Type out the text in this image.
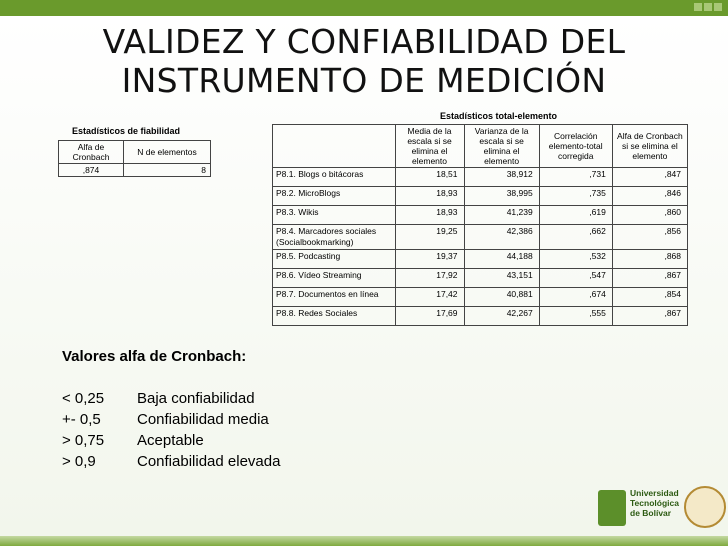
VALIDEZ Y CONFIABILIDAD DEL
INSTRUMENTO DE MEDICIÓN
Estadísticos de fiabilidad
Alfa de Cronbach	N de elementos
,874	8
Estadísticos total-elemento
	Media de la escala si se elimina el elemento	Varianza de la escala si se elimina el elemento	Correlación elemento-total corregida	Alfa de Cronbach si se elimina el elemento
P8.1. Blogs o bitácoras	18,51	38,912	,731	,847
P8.2. MicroBlogs	18,93	38,995	,735	,846
P8.3. Wikis	18,93	41,239	,619	,860
P8.4. Marcadores sociales (Socialbookmarking)	19,25	42,386	,662	,856
P8.5. Podcasting	19,37	44,188	,532	,868
P8.6. Vídeo Streaming	17,92	43,151	,547	,867
P8.7. Documentos en línea	17,42	40,881	,674	,854
P8.8. Redes Sociales	17,69	42,267	,555	,867
Valores alfa de Cronbach:
< 0,25	Baja confiabilidad
+- 0,5	Confiabilidad media
> 0,75	Aceptable
> 0,9	Confiabilidad elevada
Universidad
Tecnológica
de Bolívar
